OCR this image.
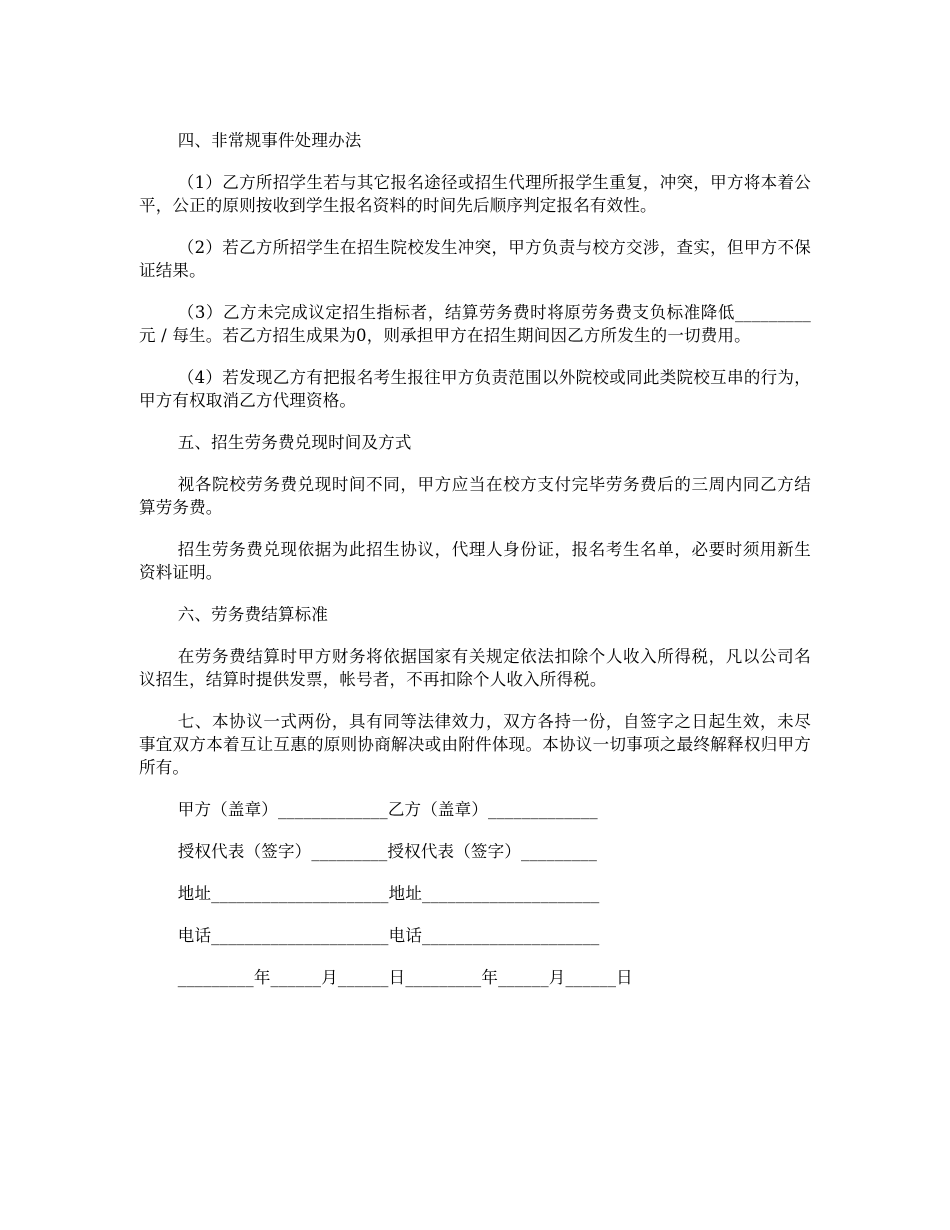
四、非常规事件处理办法

（1）乙方所招学生若与其它报名途径或招生代理所报学生重复，冲突，甲方将本着公平，公正的原则按收到学生报名资料的时间先后顺序判定报名有效性。

（2）若乙方所招学生在招生院校发生冲突，甲方负责与校方交涉，查实，但甲方不保证结果。

（3）乙方未完成议定招生指标者，结算劳务费时将原劳务费支负标准降低_________元 / 每生。若乙方招生成果为0，则承担甲方在招生期间因乙方所发生的一切费用。

（4）若发现乙方有把报名考生报往甲方负责范围以外院校或同此类院校互串的行为，甲方有权取消乙方代理资格。

五、招生劳务费兑现时间及方式

视各院校劳务费兑现时间不同，甲方应当在校方支付完毕劳务费后的三周内同乙方结算劳务费。

招生劳务费兑现依据为此招生协议，代理人身份证，报名考生名单，必要时须用新生资料证明。

六、劳务费结算标准

在劳务费结算时甲方财务将依据国家有关规定依法扣除个人收入所得税，凡以公司名议招生，结算时提供发票，帐号者，不再扣除个人收入所得税。

七、本协议一式两份，具有同等法律效力，双方各持一份，自签字之日起生效，未尽事宜双方本着互让互惠的原则协商解决或由附件体现。本协议一切事项之最终解释权归甲方所有。

甲方（盖章）_____________乙方（盖章）_____________

授权代表（签字）_________授权代表（签字）_________

地址_____________________地址_____________________

电话_____________________电话_____________________

_________年______月______日_________年______月______日
